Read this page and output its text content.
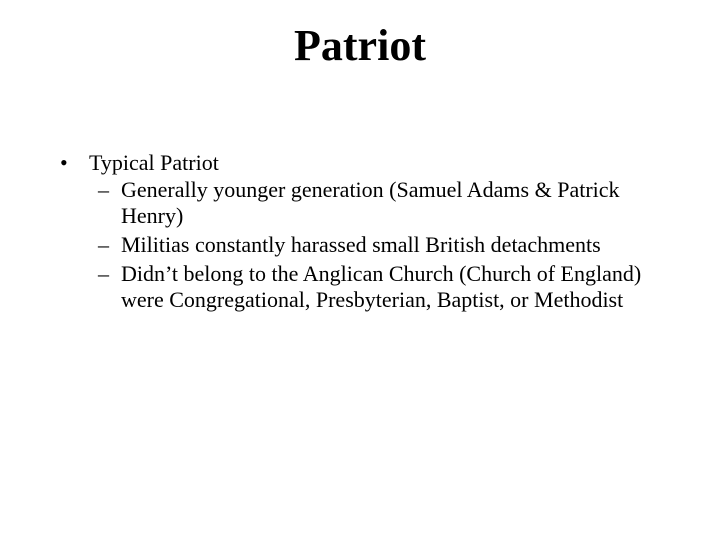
Patriot
• Typical Patriot
– Generally younger generation (Samuel Adams & Patrick Henry)
– Militias constantly harassed small British detachments
– Didn’t belong to the Anglican Church (Church of England) were Congregational, Presbyterian, Baptist, or Methodist
